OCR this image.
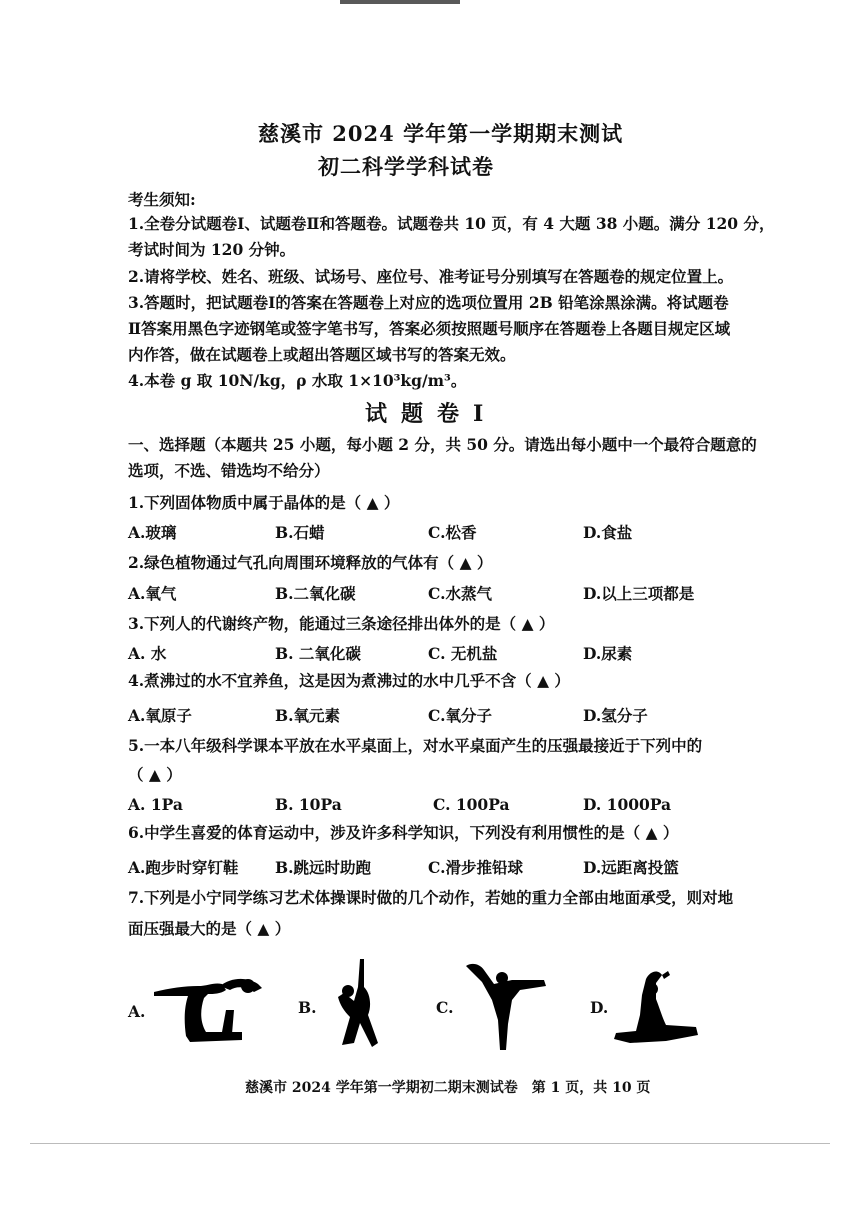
慈溪市 2024 学年第一学期期末测试
初二科学学科试卷
考生须知:
1.全卷分试题卷Ⅰ、试题卷Ⅱ和答题卷。试题卷共 10 页，有 4 大题 38 小题。满分 120 分，
考试时间为 120 分钟。
2.请将学校、姓名、班级、试场号、座位号、准考证号分别填写在答题卷的规定位置上。
3.答题时，把试题卷Ⅰ的答案在答题卷上对应的选项位置用 2B 铅笔涂黑涂满。将试题卷
Ⅱ答案用黑色字迹钢笔或签字笔书写，答案必须按照题号顺序在答题卷上各题目规定区域
内作答，做在试题卷上或超出答题区域书写的答案无效。
4.本卷 g 取 10N/kg，ρ 水取 1×10³kg/m³。
试题卷Ⅰ
一、选择题（本题共 25 小题，每小题 2 分，共 50 分。请选出每小题中一个最符合题意的
选项，不选、错选均不给分）
1.下列固体物质中属于晶体的是（ ▲ ）
A.玻璃	B.石蜡	C.松香	D.食盐
2.绿色植物通过气孔向周围环境释放的气体有（ ▲ ）
A.氧气	B.二氧化碳	C.水蒸气	D.以上三项都是
3.下列人的代谢终产物，能通过三条途径排出体外的是（ ▲ ）
A. 水	B. 二氧化碳	C. 无机盐	D.尿素
4.煮沸过的水不宜养鱼，这是因为煮沸过的水中几乎不含（ ▲ ）
A.氧原子	B.氧元素	C.氧分子	D.氢分子
5.一本八年级科学课本平放在水平桌面上，对水平桌面产生的压强最接近于下列中的
（ ▲ ）
A. 1Pa	B. 10Pa	C. 100Pa	D. 1000Pa
6.中学生喜爱的体育运动中，涉及许多科学知识，下列没有利用惯性的是（ ▲ ）
A.跑步时穿钉鞋 B.跳远时助跑	C.滑步推铅球	D.远距离投篮
7.下列是小宁同学练习艺术体操课时做的几个动作，若她的重力全部由地面承受，则对地
面压强最大的是（ ▲ ）
A.	B.	C.	D.
慈溪市 2024 学年第一学期初二期末测试卷　第 1 页，共 10 页
